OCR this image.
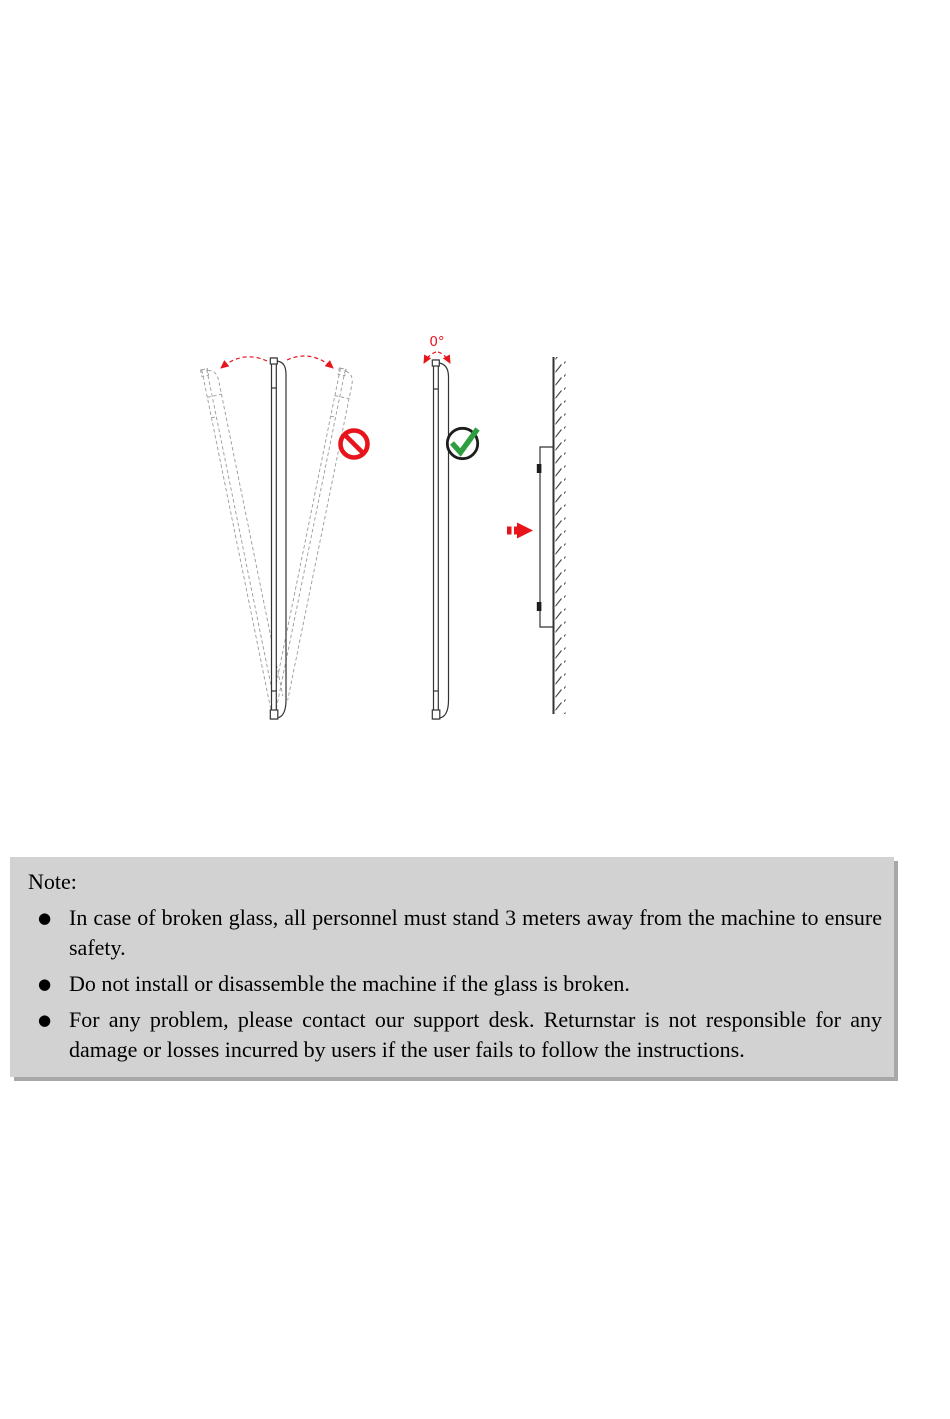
0°

Note:

● In case of broken glass, all personnel must stand 3 meters away from the machine to ensure safety.
● Do not install or disassemble the machine if the glass is broken.
● For any problem, please contact our support desk. Returnstar is not responsible for any damage or losses incurred by users if the user fails to follow the instructions.
